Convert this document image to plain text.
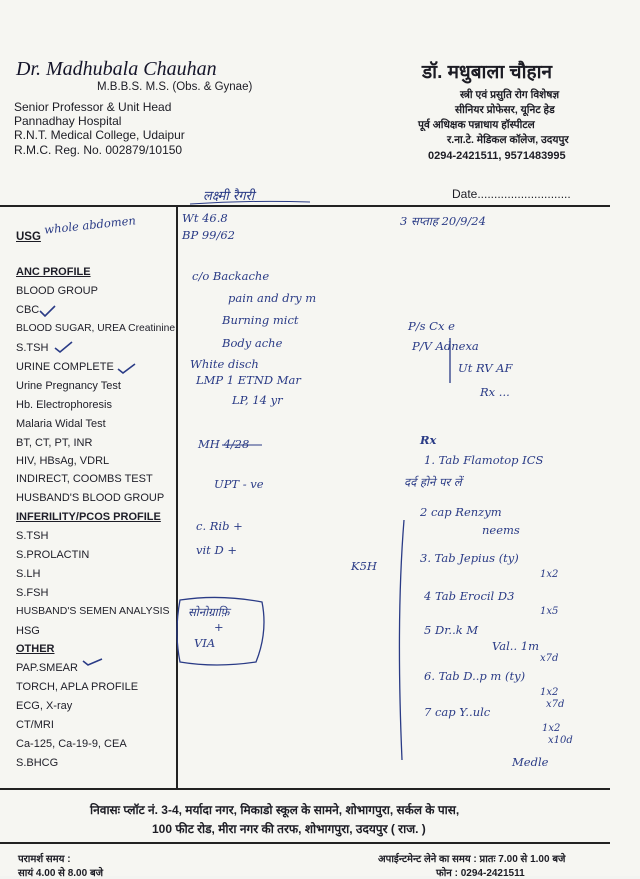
Dr. Madhubala Chauhan
M.B.B.S. M.S. (Obs. & Gynae)
Senior Professor & Unit Head
Pannadhay Hospital
R.N.T. Medical College, Udaipur
R.M.C. Reg. No. 002879/10150
डॉ. मधुबाला चौहान
स्त्री एवं प्रसुति रोग विशेषज्ञ
सीनियर प्रोफेसर, यूनिट हेड
पूर्व अधिक्षक पन्नाधाय हॉस्पीटल
र.ना.टे. मेडिकल कॉलेज, उदयपुर
0294-2421511, 9571483995
Date............................
USG
ANC PROFILE
BLOOD GROUP
CBC
BLOOD SUGAR, UREA Creatinine
S.TSH
URINE COMPLETE
Urine Pregnancy Test
Hb. Electrophoresis
Malaria Widal Test
BT, CT, PT, INR
HIV, HBsAg, VDRL
INDIRECT, COOMBS TEST
HUSBAND'S BLOOD GROUP
INFERILITY/PCOS PROFILE
S.TSH
S.PROLACTIN
S.LH
S.FSH
HUSBAND'S SEMEN ANALYSIS
HSG
OTHER
PAP.SMEAR
TORCH, APLA PROFILE
ECG, X-ray
CT/MRI
Ca-125, Ca-19-9, CEA
S.BHCG
लक्ष्मी रैगरी
whole abdomen	Wt 46.8
BP 99/62
3 सप्ताह 20/9/24
c/o Backache
pain and dry m
Burning mict
Body ache
White disch
LMP 1 ETND Mar
LP, 14 yr
MH 4/28
UPT - ve
c. Rib +
vit D +
K5H
सोनोग्राफ़ि
+
VIA
P/s Cx e
P/V Adnexa
Ut RV AF
Rx ...
Rx
1. Tab Flamotop ICS
दर्द होने पर लें
2 cap Renzym
neems
3. Tab Jepius (ty)
1x2
4 Tab Erocil D3
1x5
5 Dr..k M
Val.. 1m
x7d
6. Tab D..p m (ty)
1x2
x7d
7 cap Y..ulc
1x2
x10d
Medle
निवासः प्लॉट नं. 3-4, मर्यादा नगर, मिकाडो स्कूल के सामने, शोभागपुरा, सर्कल के पास,
100 फीट रोड, मीरा नगर की तरफ, शोभागपुरा, उदयपुर ( राज. )
परामर्श समय :
सायं 4.00 से 8.00 बजे
अपाईन्टमेन्ट लेने का समय : प्रातः 7.00 से 1.00 बजे
फोन : 0294-2421511
